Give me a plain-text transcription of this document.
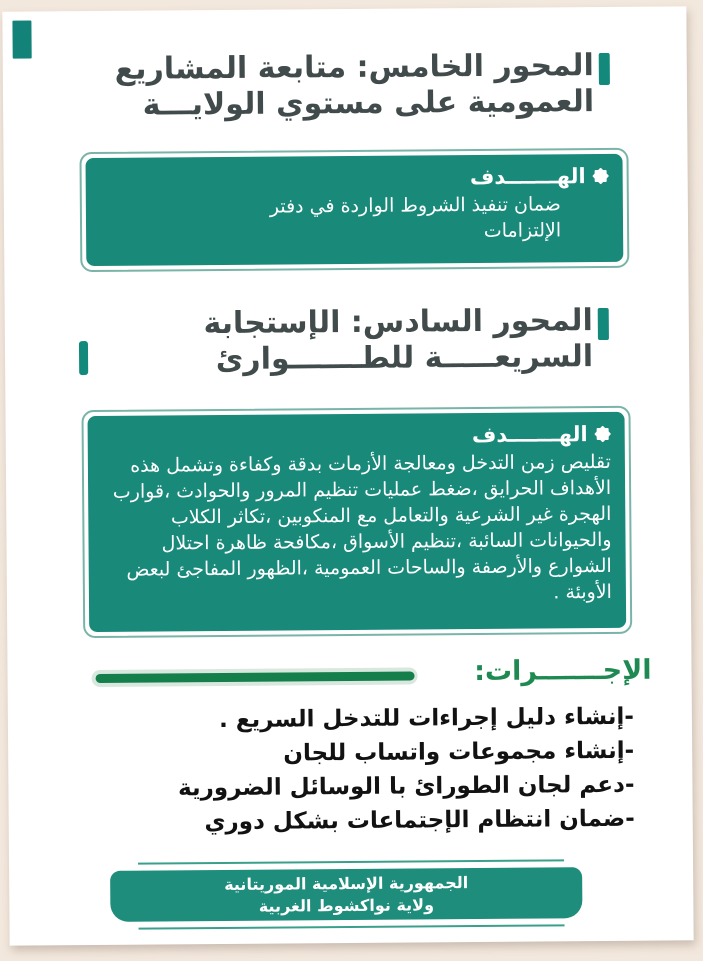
المحور الخامس: متابعة المشاريع
العمومية على مستوي الولايـــة
الهـــــــدف
ضمان تنفيذ الشروط الواردة في دفتر
الإلتزامات
المحور السادس: الإستجابة
السريعـــــة للطـــــــوارئ
الهـــــــدف
تقليص زمن التدخل ومعالجة الأزمات بدقة وكفاءة وتشمل هذه
الأهداف الحرايق ،ضغط عمليات تنظيم المرور والحوادث ،قوارب
الهجرة غير الشرعية والتعامل مع المنكوبين ،تكاثر الكلاب
والحيوانات السائبة ،تنظيم الأسواق ،مكافحة ظاهرة احتلال
الشوارع والأرصفة والساحات العمومية ،الظهور المفاجئ لبعض
الأوبئة .
الإجـــــــرات:
-إنشاء دليل إجراءات للتدخل السريع .
-إنشاء مجموعات واتساب للجان
-دعم لجان الطورائ با الوسائل الضرورية
-ضمان انتظام الإجتماعات بشكل دوري
الجمهورية الإسلامية الموريتانية
ولاية نواكشوط الغربية
